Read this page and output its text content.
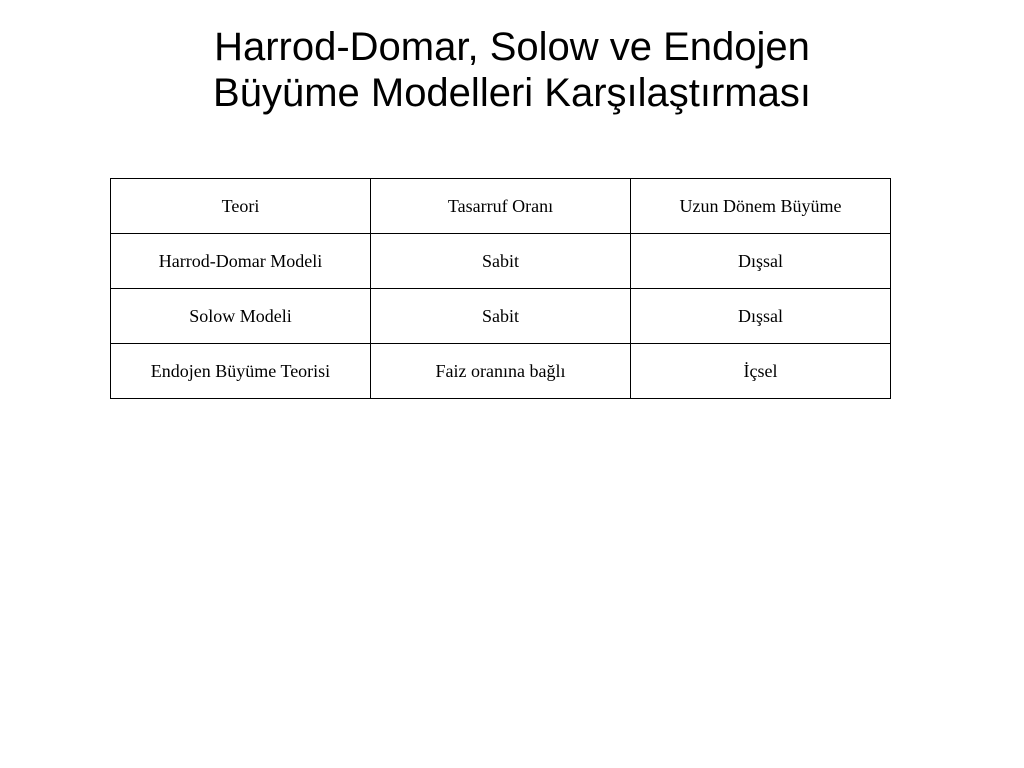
Harrod-Domar, Solow ve Endojen
Büyüme Modelleri Karşılaştırması
Teori	Tasarruf Oranı	Uzun Dönem Büyüme
Harrod-Domar Modeli	Sabit	Dışsal
Solow Modeli	Sabit	Dışsal
Endojen Büyüme Teorisi	Faiz oranına bağlı	İçsel
